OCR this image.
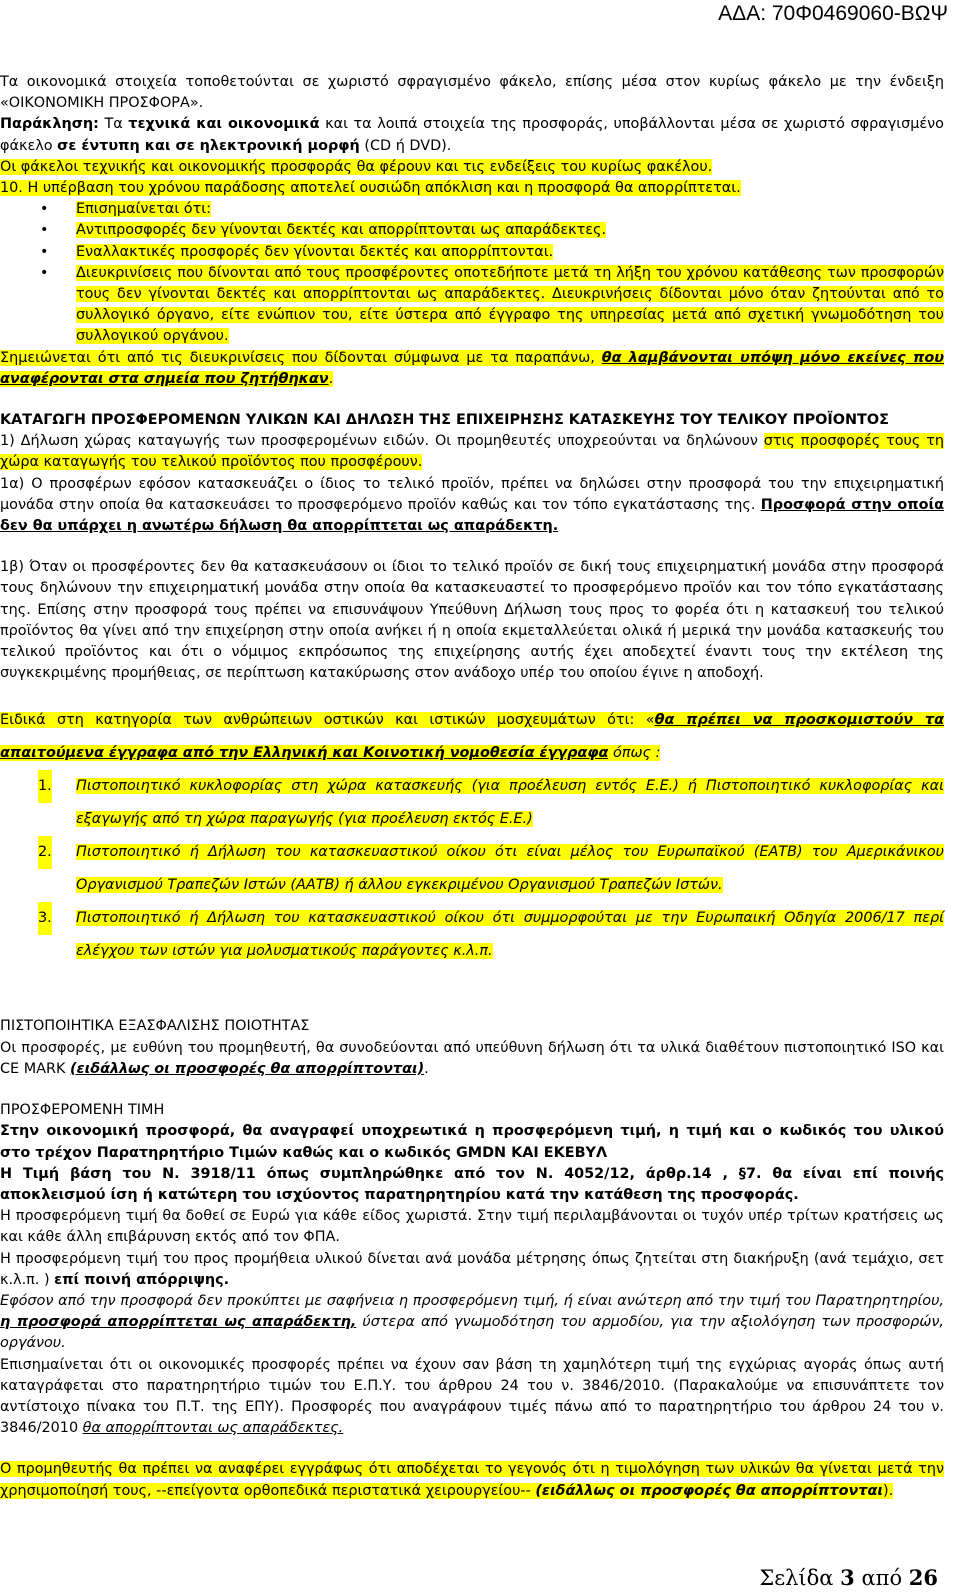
ΑΔΑ: 70Φ0469060-ΒΩΨ

Τα οικονομικά στοιχεία τοποθετούνται σε χωριστό σφραγισμένο φάκελο, επίσης μέσα στον κυρίως φάκελο με την ένδειξη «ΟΙΚΟΝΟΜΙΚΗ ΠΡΟΣΦΟΡΑ».

Παράκληση: Τα τεχνικά και οικονομικά και τα λοιπά στοιχεία της προσφοράς, υποβάλλονται μέσα σε χωριστό σφραγισμένο φάκελο σε έντυπη και σε ηλεκτρονική μορφή (CD ή DVD).

Οι φάκελοι τεχνικής και οικονομικής προσφοράς θα φέρουν και τις ενδείξεις του κυρίως φακέλου.

10. Η υπέρβαση του χρόνου παράδοσης αποτελεί ουσιώδη απόκλιση και η προσφορά θα απορρίπτεται.

• Επισημαίνεται ότι:
• Αντιπροσφορές δεν γίνονται δεκτές και απορρίπτονται ως απαράδεκτες.
• Εναλλακτικές προσφορές δεν γίνονται δεκτές και απορρίπτονται.
• Διευκρινίσεις που δίνονται από τους προσφέροντες οποτεδήποτε μετά τη λήξη του χρόνου κατάθεσης των προσφορών τους δεν γίνονται δεκτές και απορρίπτονται ως απαράδεκτες. Διευκρινήσεις δίδονται μόνο όταν ζητούνται από το συλλογικό όργανο, είτε ενώπιον του, είτε ύστερα από έγγραφο της υπηρεσίας μετά από σχετική γνωμοδότηση του συλλογικού οργάνου.

Σημειώνεται ότι από τις διευκρινίσεις που δίδονται σύμφωνα με τα παραπάνω, θα λαμβάνονται υπόψη μόνο εκείνες που αναφέρονται στα σημεία που ζητήθηκαν.

ΚΑΤΑΓΩΓΗ ΠΡΟΣΦΕΡΟΜΕΝΩΝ ΥΛΙΚΩΝ ΚΑΙ ΔΗΛΩΣΗ ΤΗΣ ΕΠΙΧΕΙΡΗΣΗΣ ΚΑΤΑΣΚΕΥΗΣ ΤΟΥ ΤΕΛΙΚΟΥ ΠΡΟΪΟΝΤΟΣ

1) Δήλωση χώρας καταγωγής των προσφερομένων ειδών. Οι προμηθευτές υποχρεούνται να δηλώνουν στις προσφορές τους τη χώρα καταγωγής του τελικού προϊόντος που προσφέρουν.

1α) Ο προσφέρων εφόσον κατασκευάζει ο ίδιος το τελικό προϊόν, πρέπει να δηλώσει στην προσφορά του την επιχειρηματική μονάδα στην οποία θα κατασκευάσει το προσφερόμενο προϊόν καθώς και τον τόπο εγκατάστασης της. Προσφορά στην οποία δεν θα υπάρχει η ανωτέρω δήλωση θα απορρίπτεται ως απαράδεκτη.

1β) Όταν οι προσφέροντες δεν θα κατασκευάσουν οι ίδιοι το τελικό προϊόν σε δική τους επιχειρηματική μονάδα στην προσφορά τους δηλώνουν την επιχειρηματική μονάδα στην οποία θα κατασκευαστεί το προσφερόμενο προϊόν και τον τόπο εγκατάστασης της. Επίσης στην προσφορά τους πρέπει να επισυνάψουν Υπεύθυνη Δήλωση τους προς το φορέα ότι η κατασκευή του τελικού προϊόντος θα γίνει από την επιχείρηση στην οποία ανήκει ή η οποία εκμεταλλεύεται ολικά ή μερικά την μονάδα κατασκευής του τελικού προϊόντος και ότι ο νόμιμος εκπρόσωπος της επιχείρησης αυτής έχει αποδεχτεί έναντι τους την εκτέλεση της συγκεκριμένης προμήθειας, σε περίπτωση κατακύρωσης στον ανάδοχο υπέρ του οποίου έγινε η αποδοχή.

Ειδικά στη κατηγορία των ανθρώπειων οστικών και ιστικών μοσχευμάτων ότι: «θα πρέπει να προσκομιστούν τα απαιτούμενα έγγραφα από την Ελληνική και Κοινοτική νομοθεσία έγγραφα όπως :

1. Πιστοποιητικό κυκλοφορίας στη χώρα κατασκευής (για προέλευση εντός Ε.Ε.) ή Πιστοποιητικό κυκλοφορίας και εξαγωγής από τη χώρα παραγωγής (για προέλευση εκτός Ε.Ε.)
2. Πιστοποιητικό ή Δήλωση του κατασκευαστικού οίκου ότι είναι μέλος του Ευρωπαϊκού (ΕΑΤΒ) του Αμερικάνικου Οργανισμού Τραπεζών Ιστών (ΑΑΤΒ) ή άλλου εγκεκριμένου Οργανισμού Τραπεζών Ιστών.
3. Πιστοποιητικό ή Δήλωση του κατασκευαστικού οίκου ότι συμμορφούται με την Ευρωπαική Οδηγία 2006/17 περί ελέγχου των ιστών για μολυσματικούς παράγοντες κ.λ.π.

ΠΙΣΤΟΠΟΙΗΤΙΚΑ ΕΞΑΣΦΑΛΙΣΗΣ ΠΟΙΟΤΗΤΑΣ

Οι προσφορές, με ευθύνη του προμηθευτή, θα συνοδεύονται από υπεύθυνη δήλωση ότι τα υλικά διαθέτουν πιστοποιητικό ISO και CE MARK (ειδάλλως οι προσφορές θα απορρίπτονται).

ΠΡΟΣΦΕΡΟΜΕΝΗ ΤΙΜΗ

Στην οικονομική προσφορά, θα αναγραφεί υποχρεωτικά η προσφερόμενη τιμή, η τιμή και ο κωδικός του υλικού στο τρέχον Παρατηρητήριο Τιμών καθώς και ο κωδικός GMDN ΚΑΙ ΕΚΕΒΥΛ

Η Τιμή βάση του Ν. 3918/11 όπως συμπληρώθηκε από τον Ν. 4052/12, άρθρ.14 , §7. θα είναι επί ποινής αποκλεισμού ίση ή κατώτερη του ισχύοντος παρατηρητηρίου κατά την κατάθεση της προσφοράς.

Η προσφερόμενη τιμή θα δοθεί σε Ευρώ για κάθε είδος χωριστά. Στην τιμή περιλαμβάνονται οι τυχόν υπέρ τρίτων κρατήσεις ως και κάθε άλλη επιβάρυνση εκτός από τον ΦΠΑ.

Η προσφερόμενη τιμή του προς προμήθεια υλικού δίνεται ανά μονάδα μέτρησης όπως ζητείται στη διακήρυξη (ανά τεμάχιο, σετ κ.λ.π. ) επί ποινή απόρριψης.

Εφόσον από την προσφορά δεν προκύπτει με σαφήνεια η προσφερόμενη τιμή, ή είναι ανώτερη από την τιμή του Παρατηρητηρίου, η προσφορά απορρίπτεται ως απαράδεκτη, ύστερα από γνωμοδότηση του αρμοδίου, για την αξιολόγηση των προσφορών, οργάνου.

Επισημαίνεται ότι οι οικονομικές προσφορές πρέπει να έχουν σαν βάση τη χαμηλότερη τιμή της εγχώριας αγοράς όπως αυτή καταγράφεται στο παρατηρητήριο τιμών του Ε.Π.Υ. του άρθρου 24 του ν. 3846/2010. (Παρακαλούμε να επισυνάπτετε τον αντίστοιχο πίνακα του Π.Τ. της ΕΠΥ). Προσφορές που αναγράφουν τιμές πάνω από το παρατηρητήριο του άρθρου 24 του ν. 3846/2010 θα απορρίπτονται ως απαράδεκτες.

Ο προμηθευτής θα πρέπει να αναφέρει εγγράφως ότι αποδέχεται το γεγονός ότι η τιμολόγηση των υλικών θα γίνεται μετά την χρησιμοποίησή τους, --επείγοντα ορθοπεδικά περιστατικά χειρουργείου-- (ειδάλλως οι προσφορές θα απορρίπτονται).

Σελίδα 3 από 26
